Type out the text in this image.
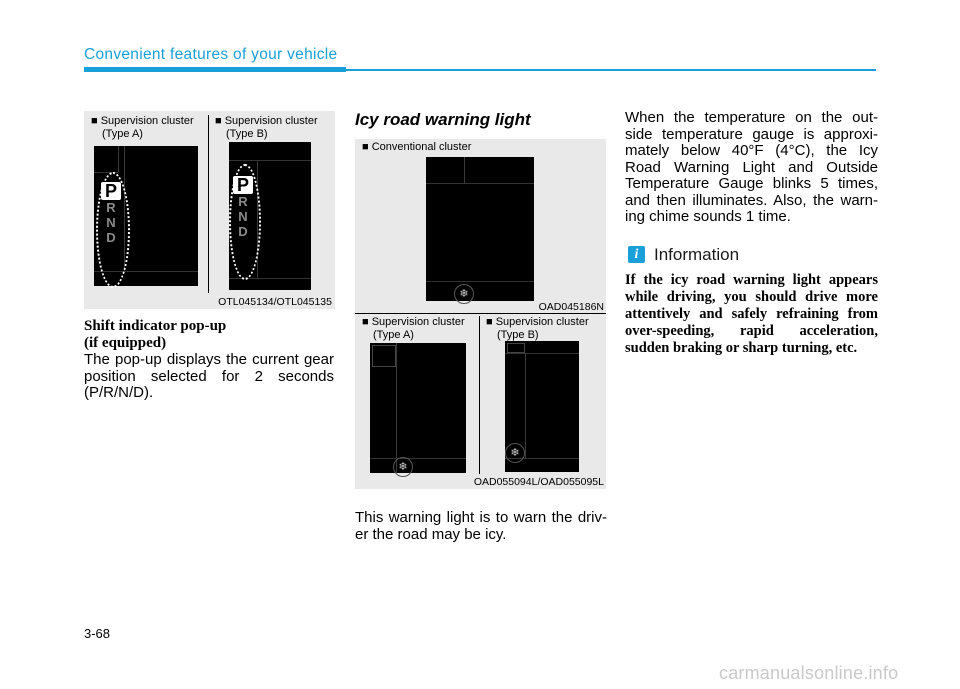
Convenient features of your vehicle
■ Supervision cluster
(Type A)
■ Supervision cluster
(Type B)
P
R
N
D
P
R
N
D
OTL045134/OTL045135
Shift indicator pop-up
(if equipped)
The pop-up displays the current gear
position selected for 2 seconds
(P/R/N/D).
Icy road warning light
■ Conventional cluster
❄
OAD045186N
■ Supervision cluster
(Type A)
■ Supervision cluster
(Type B)
❄
❄
OAD055094L/OAD055095L
This warning light is to warn the driv-
er the road may be icy.
When the temperature on the out-
side temperature gauge is approxi-
mately below 40°F (4°C), the Icy
Road Warning Light and Outside
Temperature Gauge blinks 5 times,
and then illuminates. Also, the warn-
ing chime sounds 1 time.
i Information
If the icy road warning light appears
while driving, you should drive more
attentively and safely refraining from
over-speeding, rapid acceleration,
sudden braking or sharp turning, etc.
3-68
carmanualsonline.info
